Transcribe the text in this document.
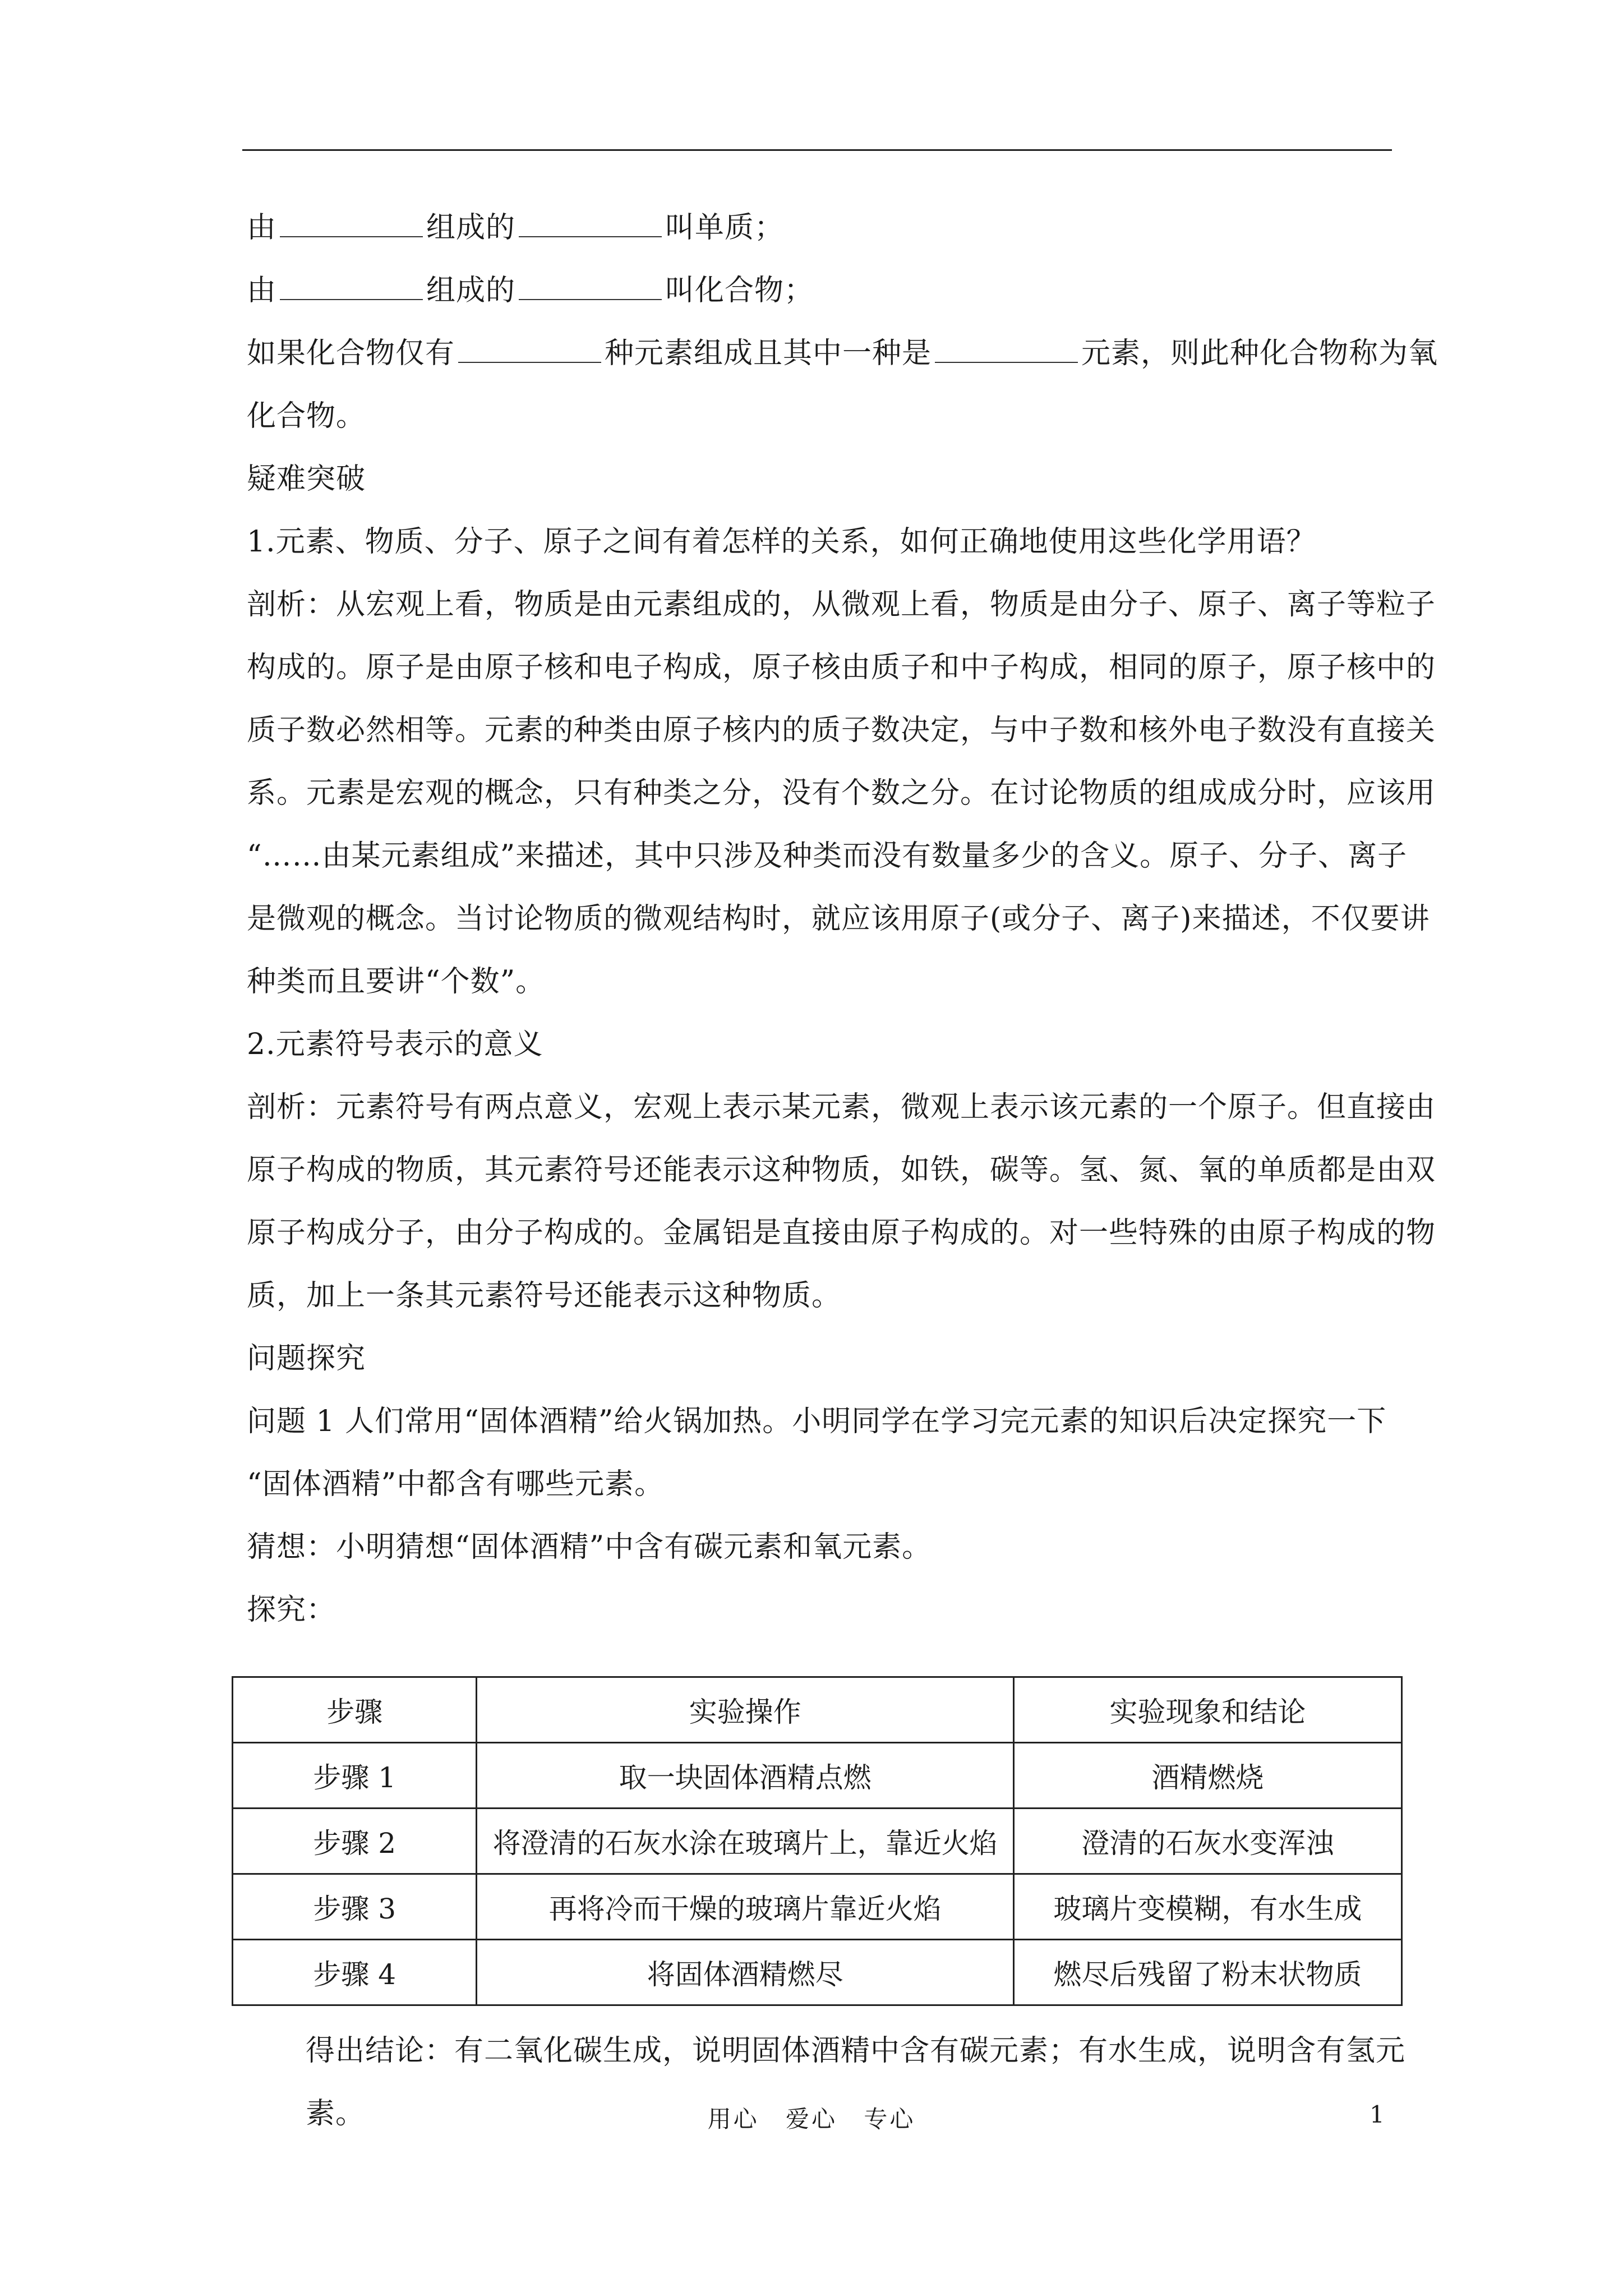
由	组成的	叫单质；
由	组成的	叫化合物；
如果化合物仅有	种元素组成且其中一种是	元素，则此种化合物称为氧
化合物。
疑难突破
1.元素、物质、分子、原子之间有着怎样的关系，如何正确地使用这些化学用语？
剖析：从宏观上看，物质是由元素组成的，从微观上看，物质是由分子、原子、离子等粒子
构成的。原子是由原子核和电子构成，原子核由质子和中子构成，相同的原子，原子核中的
质子数必然相等。元素的种类由原子核内的质子数决定，与中子数和核外电子数没有直接关
系。元素是宏观的概念，只有种类之分，没有个数之分。在讨论物质的组成成分时，应该用
“……由某元素组成”来描述，其中只涉及种类而没有数量多少的含义。原子、分子、离子
是微观的概念。当讨论物质的微观结构时，就应该用原子(或分子、离子)来描述，不仅要讲
种类而且要讲“个数”。
2.元素符号表示的意义
剖析：元素符号有两点意义，宏观上表示某元素，微观上表示该元素的一个原子。但直接由
原子构成的物质，其元素符号还能表示这种物质，如铁，碳等。氢、氮、氧的单质都是由双
原子构成分子，由分子构成的。金属铝是直接由原子构成的。对一些特殊的由原子构成的物
质，加上一条其元素符号还能表示这种物质。
问题探究
问题 1 人们常用“固体酒精”给火锅加热。小明同学在学习完元素的知识后决定探究一下
“固体酒精”中都含有哪些元素。
猜想：小明猜想“固体酒精”中含有碳元素和氧元素。
探究：
步骤	实验操作	实验现象和结论
步骤 1	取一块固体酒精点燃	酒精燃烧
步骤 2	将澄清的石灰水涂在玻璃片上，靠近火焰	澄清的石灰水变浑浊
步骤 3	再将冷而干燥的玻璃片靠近火焰	玻璃片变模糊，有水生成
步骤 4	将固体酒精燃尽	燃尽后残留了粉末状物质
得出结论：有二氧化碳生成，说明固体酒精中含有碳元素；有水生成，说明含有氢元素。	用心 爱心 专心	1
